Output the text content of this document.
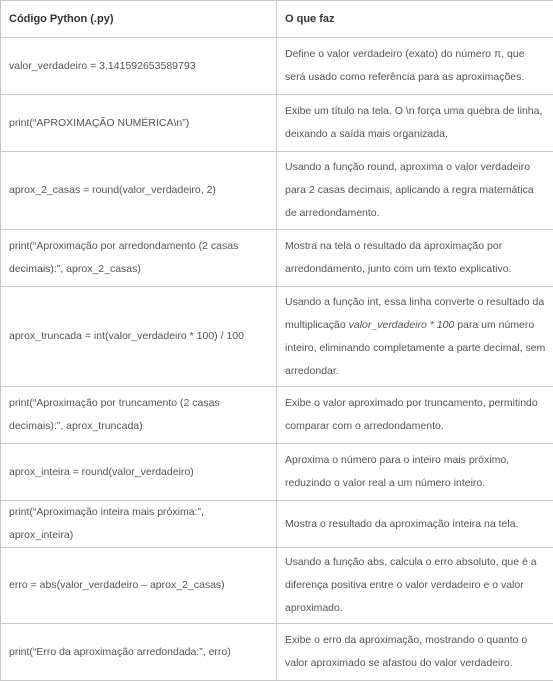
Código Python (.py)	O que faz
valor_verdadeiro = 3.141592653589793	Define o valor verdadeiro (exato) do número π, que será usado como referência para as aproximações.
print(“APROXIMAÇÃO NUMÉRICA\n”)	Exibe um título na tela. O \n força uma quebra de linha, deixando a saída mais organizada.
aprox_2_casas = round(valor_verdadeiro, 2)	Usando a função round, aproxima o valor verdadeiro para 2 casas decimais, aplicando a regra matemática de arredondamento.
print(“Aproximação por arredondamento (2 casas decimais):”, aprox_2_casas)	Mostra na tela o resultado da aproximação por arredondamento, junto com um texto explicativo.
aprox_truncada = int(valor_verdadeiro * 100) / 100	Usando a função int, essa linha converte o resultado da multiplicação valor_verdadeiro * 100 para um número inteiro, eliminando completamente a parte decimal, sem arredondar.
print(“Aproximação por truncamento (2 casas decimais):”, aprox_truncada)	Exibe o valor aproximado por truncamento, permitindo comparar com o arredondamento.
aprox_inteira = round(valor_verdadeiro)	Aproxima o número para o inteiro mais próximo, reduzindo o valor real a um número inteiro.
print(“Aproximação inteira mais próxima:”, aprox_inteira)	Mostra o resultado da aproximação inteira na tela.
erro = abs(valor_verdadeiro – aprox_2_casas)	Usando a função abs, calcula o erro absoluto, que é a diferença positiva entre o valor verdadeiro e o valor aproximado.
print(“Erro da aproximação arredondada:”, erro)	Exibe o erro da aproximação, mostrando o quanto o valor aproximado se afastou do valor verdadeiro.
